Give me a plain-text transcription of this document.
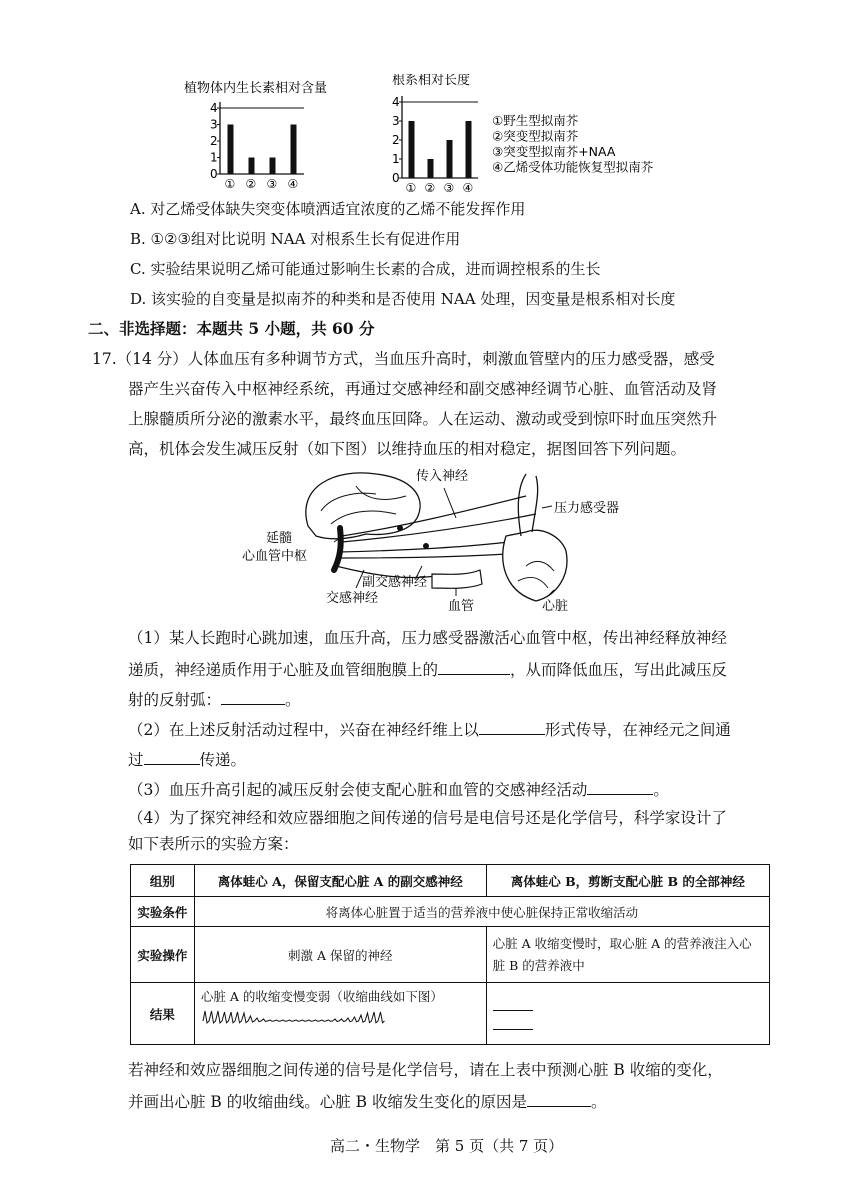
植物体内生长素相对含量
0
1
2
3
4
① ② ③ ④
根系相对长度
0
1
2
3
4
① ② ③ ④
①野生型拟南芥
②突变型拟南芥
③突变型拟南芥+NAA
④乙烯受体功能恢复型拟南芥
A. 对乙烯受体缺失突变体喷洒适宜浓度的乙烯不能发挥作用
B. ①②③组对比说明 NAA 对根系生长有促进作用
C. 实验结果说明乙烯可能通过影响生长素的合成，进而调控根系的生长
D. 该实验的自变量是拟南芥的种类和是否使用 NAA 处理，因变量是根系相对长度
二、非选择题：本题共 5 小题，共 60 分
17.（14 分）人体血压有多种调节方式，当血压升高时，刺激血管壁内的压力感受器，感受
器产生兴奋传入中枢神经系统，再通过交感神经和副交感神经调节心脏、血管活动及肾
上腺髓质所分泌的激素水平，最终血压回降。人在运动、激动或受到惊吓时血压突然升
高，机体会发生减压反射（如下图）以维持血压的相对稳定，据图回答下列问题。
传入神经
压力感受器
延髓
心血管中枢
副交感神经
交感神经
血管	心脏
（1）某人长跑时心跳加速，血压升高，压力感受器激活心血管中枢，传出神经释放神经
递质，神经递质作用于心脏及血管细胞膜上的	，从而降低血压，写出此减压反
射的反射弧：	。
（2）在上述反射活动过程中，兴奋在神经纤维上以	形式传导，在神经元之间通
过	传递。
（3）血压升高引起的减压反射会使支配心脏和血管的交感神经活动	。
（4）为了探究神经和效应器细胞之间传递的信号是电信号还是化学信号，科学家设计了
如下表所示的实验方案：
组别	离体蛙心 A，保留支配心脏 A 的副交感神经	离体蛙心 B，剪断支配心脏 B 的全部神经
实验条件	将离体心脏置于适当的营养液中使心脏保持正常收缩活动	
实验操作	刺激 A 保留的神经	心脏 A 收缩变慢时，取心脏 A 的营养液注入心脏 B 的营养液中
结果	心脏 A 的收缩变慢变弱（收缩曲线如下图）	

若神经和效应器细胞之间传递的信号是化学信号，请在上表中预测心脏 B 收缩的变化，
并画出心脏 B 的收缩曲线。心脏 B 收缩发生变化的原因是	。
高二・生物学　第 5 页（共 7 页）
